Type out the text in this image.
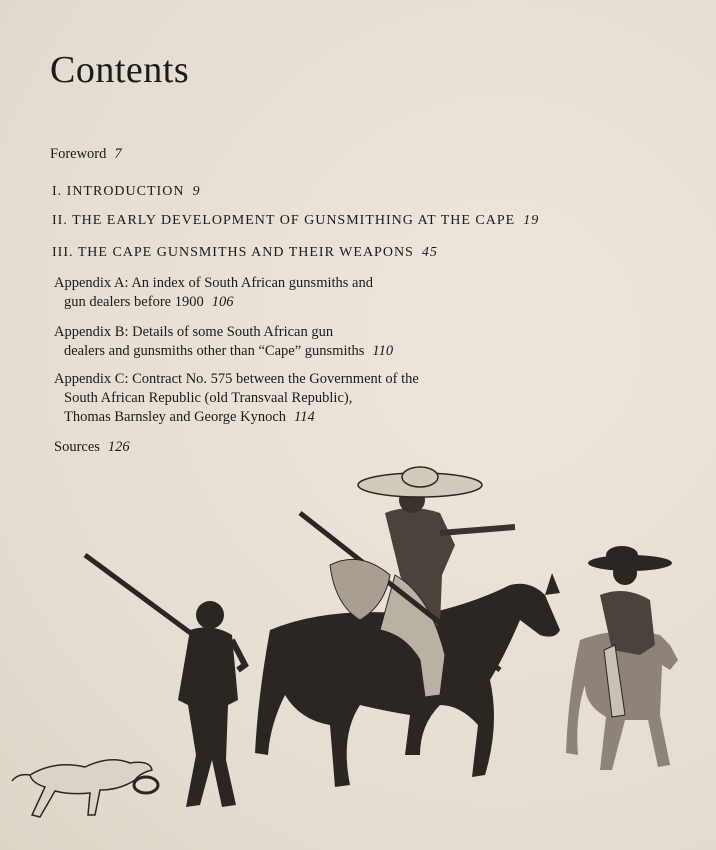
Contents
Foreword 7
I. INTRODUCTION 9
II. THE EARLY DEVELOPMENT OF GUNSMITHING AT THE CAPE 19
III. THE CAPE GUNSMITHS AND THEIR WEAPONS 45
Appendix A: An index of South African gunsmiths and
gun dealers before 1900 106
Appendix B: Details of some South African gun
dealers and gunsmiths other than “Cape” gunsmiths 110
Appendix C: Contract No. 575 between the Government of the
South African Republic (old Transvaal Republic),
Thomas Barnsley and George Kynoch 114
Sources 126
